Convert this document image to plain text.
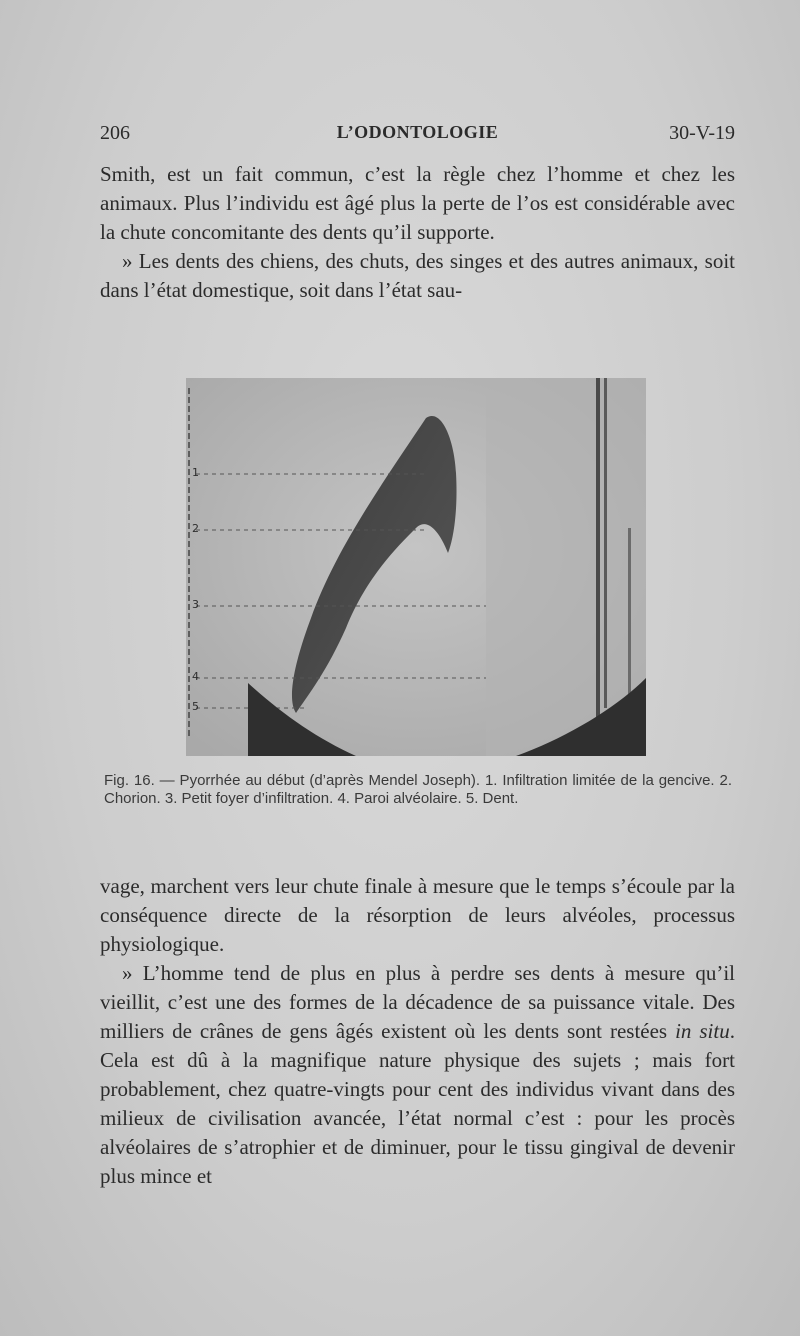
206	L’ODONTOLOGIE	30-V-19

Smith, est un fait commun, c’est la règle chez l’homme et chez les animaux. Plus l’individu est âgé plus la perte de l’os est considérable avec la chute concomitante des dents qu’il supporte.

» Les dents des chiens, des chuts, des singes et des autres animaux, soit dans l’état domestique, soit dans l’état sau-

1
2
3
4
5
Fig. 16. — Pyorrhée au début (d’après Mendel Joseph). 1. Infiltration limitée de la gencive. 2. Chorion. 3. Petit foyer d’infiltration. 4. Paroi alvéolaire. 5. Dent.

vage, marchent vers leur chute finale à mesure que le temps s’écoule par la conséquence directe de la résorption de leurs alvéoles, processus physiologique.

» L’homme tend de plus en plus à perdre ses dents à mesure qu’il vieillit, c’est une des formes de la décadence de sa puissance vitale. Des milliers de crânes de gens âgés existent où les dents sont restées in situ. Cela est dû à la magnifique nature physique des sujets ; mais fort probablement, chez quatre-vingts pour cent des individus vivant dans des milieux de civilisation avancée, l’état normal c’est : pour les procès alvéolaires de s’atrophier et de diminuer, pour le tissu gingival de devenir plus mince et
